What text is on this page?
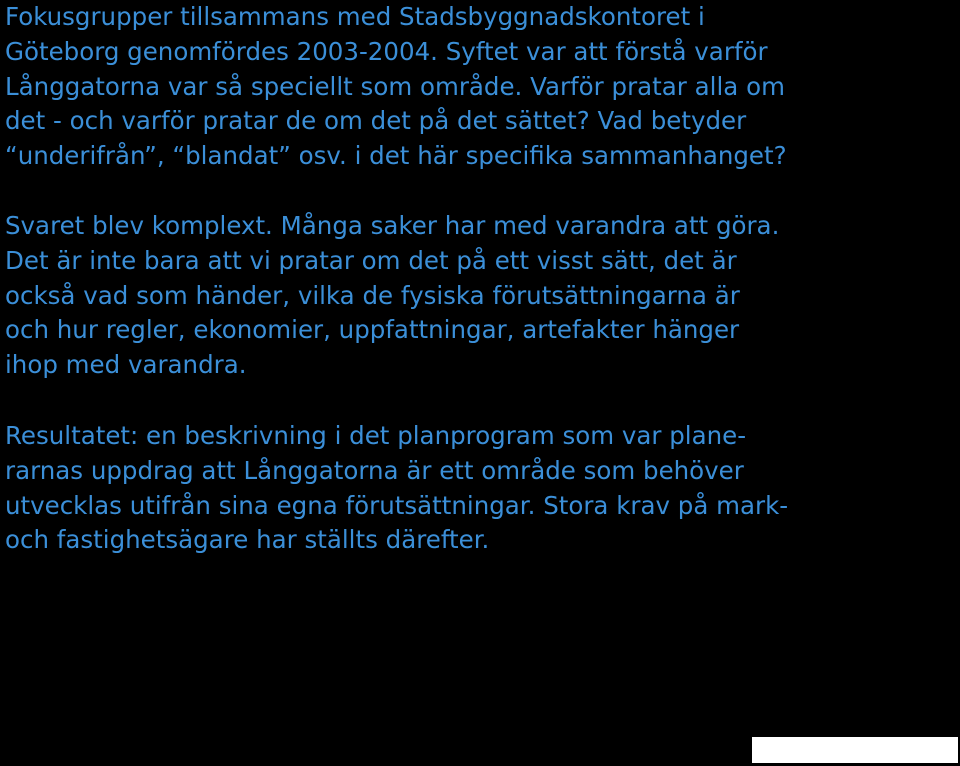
Fokusgrupper tillsammans med Stadsbyggnadskontoret i
Göteborg genomfördes 2003-2004. Syftet var att förstå varför
Långgatorna var så speciellt som område. Varför pratar alla om
det - och varför pratar de om det på det sättet? Vad betyder
“underifrån”, “blandat” osv. i det här specifika sammanhanget?

Svaret blev komplext. Många saker har med varandra att göra.
Det är inte bara att vi pratar om det på ett visst sätt, det är
också vad som händer, vilka de fysiska förutsättningarna är
och hur regler, ekonomier, uppfattningar, artefakter hänger
ihop med varandra.

Resultatet: en beskrivning i det planprogram som var plane-
rarnas uppdrag att Långgatorna är ett område som behöver
utvecklas utifrån sina egna förutsättningar. Stora krav på mark-
och fastighetsägare har ställts därefter.
